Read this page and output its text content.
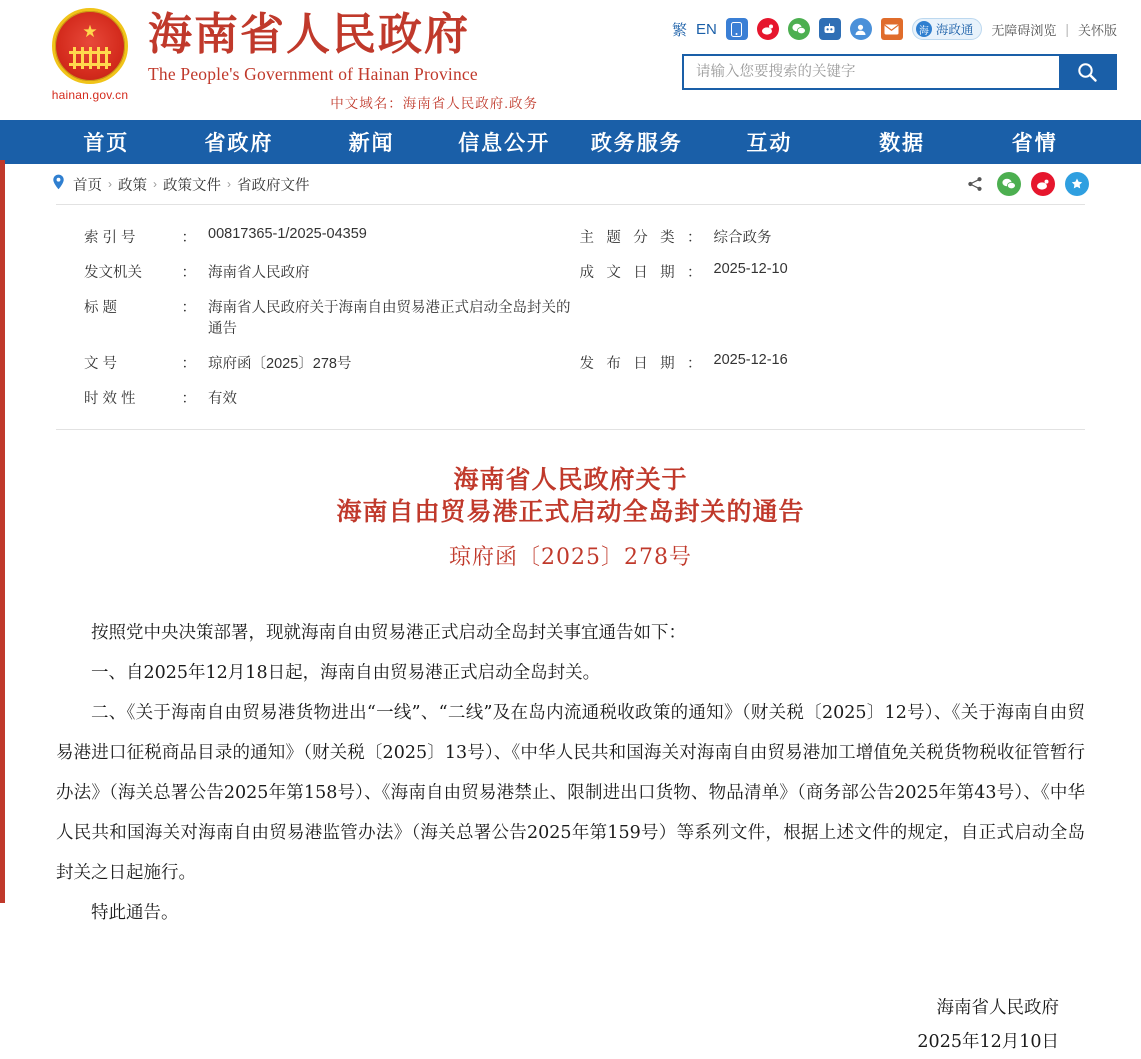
★
hainan.gov.cn
海南省人民政府
The People's Government of Hainan Province
中文域名：海南省人民政府.政务
繁 EN	海 海政通 无障碍浏览 | 关怀版
请输入您要搜索的关键字
首页	省政府	新闻	信息公开	政务服务	互动	数据	省情
首页 › 政策 › 政策文件 › 省政府文件
索 引 号： 00817365-1/2025-04359	主题分类： 综合政务
发文机关： 海南省人民政府	成文日期： 2025-12-10
标 题： 海南省人民政府关于海南自由贸易港正式启动全岛封关的通告
文 号： 琼府函〔2025〕278号	发布日期： 2025-12-16
时 效 性： 有效
海南省人民政府关于
海南自由贸易港正式启动全岛封关的通告
琼府函〔2025〕278号

按照党中央决策部署，现就海南自由贸易港正式启动全岛封关事宜通告如下：

一、自2025年12月18日起，海南自由贸易港正式启动全岛封关。

二、《关于海南自由贸易港货物进出“一线”、“二线”及在岛内流通税收政策的通知》（财关税〔2025〕12号）、《关于海南自由贸易港进口征税商品目录的通知》（财关税〔2025〕13号）、《中华人民共和国海关对海南自由贸易港加工增值免关税货物税收征管暂行办法》（海关总署公告2025年第158号）、《海南自由贸易港禁止、限制进出口货物、物品清单》（商务部公告2025年第43号）、《中华人民共和国海关对海南自由贸易港监管办法》（海关总署公告2025年第159号）等系列文件，根据上述文件的规定，自正式启动全岛封关之日起施行。

特此通告。

海南省人民政府
2025年12月10日
